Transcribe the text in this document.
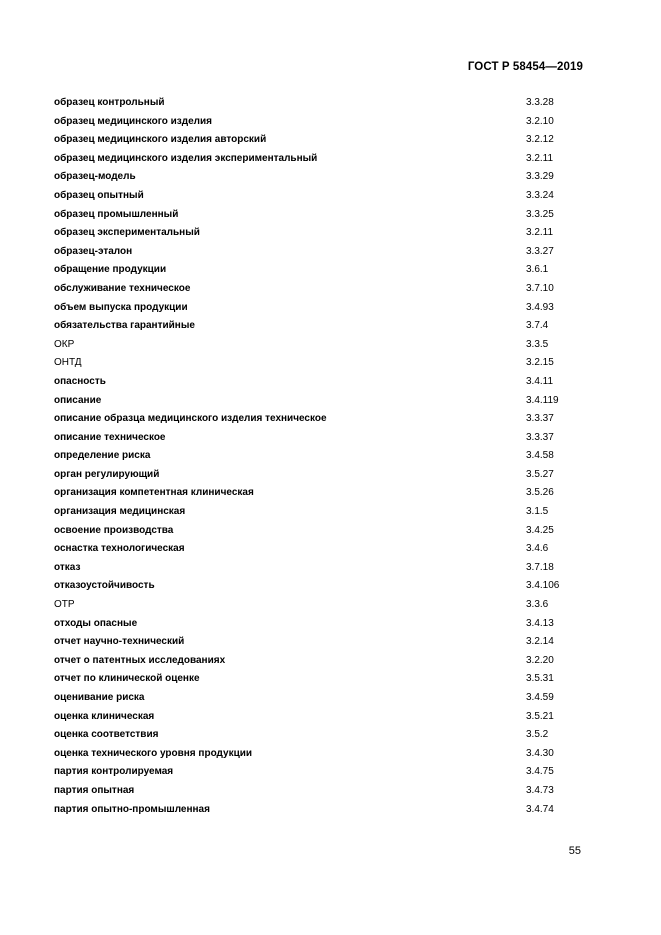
ГОСТ Р 58454—2019
образец контрольный	3.3.28
образец медицинского изделия	3.2.10
образец медицинского изделия авторский	3.2.12
образец медицинского изделия экспериментальный	3.2.11
образец-модель	3.3.29
образец опытный	3.3.24
образец промышленный	3.3.25
образец экспериментальный	3.2.11
образец-эталон	3.3.27
обращение продукции	3.6.1
обслуживание техническое	3.7.10
объем выпуска продукции	3.4.93
обязательства гарантийные	3.7.4
ОКР	3.3.5
ОНТД	3.2.15
опасность	3.4.11
описание	3.4.119
описание образца медицинского изделия техническое	3.3.37
описание техническое	3.3.37
определение риска	3.4.58
орган регулирующий	3.5.27
организация компетентная клиническая	3.5.26
организация медицинская	3.1.5
освоение производства	3.4.25
оснастка технологическая	3.4.6
отказ	3.7.18
отказоустойчивость	3.4.106
ОТР	3.3.6
отходы опасные	3.4.13
отчет научно-технический	3.2.14
отчет о патентных исследованиях	3.2.20
отчет по клинической оценке	3.5.31
оценивание риска	3.4.59
оценка клиническая	3.5.21
оценка соответствия	3.5.2
оценка технического уровня продукции	3.4.30
партия контролируемая	3.4.75
партия опытная	3.4.73
партия опытно-промышленная	3.4.74
55
